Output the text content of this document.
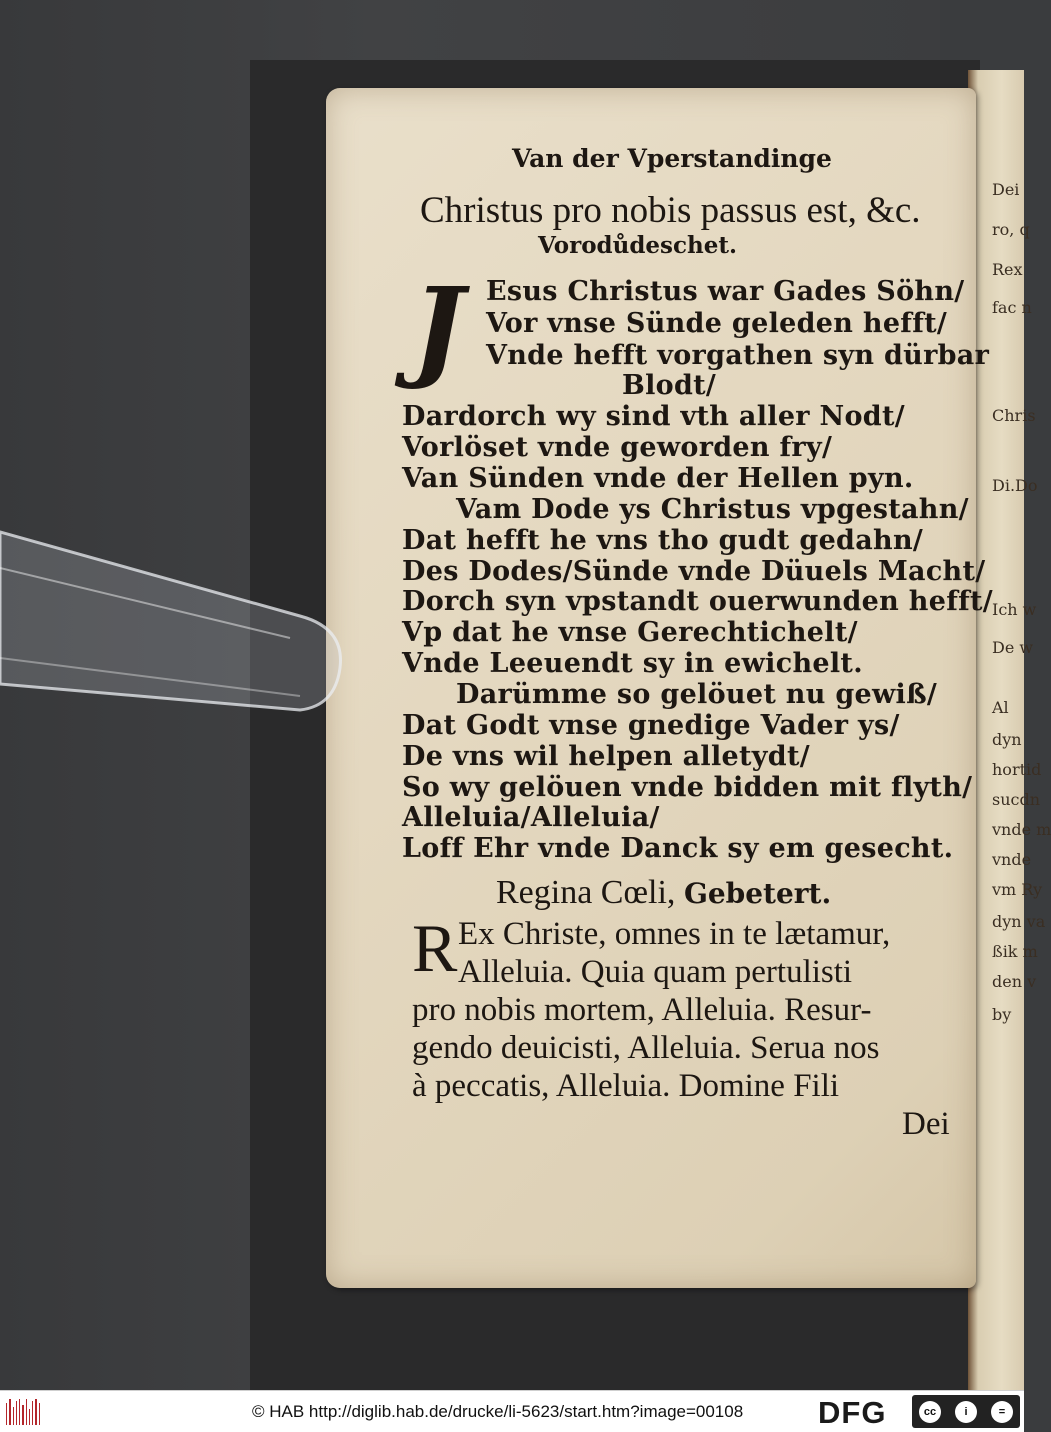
Dei
ro, q
Rex
fac n
Chris
Di.Do
Ich w
De w
Al
dyn
hortid
sucdn
vnde m
vnde
vm Ry
dyn va
ßik m
den v
by
Van der Vperstandinge
Christus pro nobis passus est, &c.
Vorodůdeschet.
J Esus Christus war Gades Söhn/
Vor vnse Sünde geleden hefft/
Vnde hefft vorgathen syn dürbar
Blodt/
Dardorch wy sind vth aller Nodt/
Vorlöset vnde geworden fry/
Van Sünden vnde der Hellen pyn.
Vam Dode ys Christus vpgestahn/
Dat hefft he vns tho gudt gedahn/
Des Dodes/Sünde vnde Düuels Macht/
Dorch syn vpstandt ouerwunden hefft/
Vp dat he vnse Gerechtichelt/
Vnde Leeuendt sy in ewichelt.
Darümme so gelöuet nu gewiß/
Dat Godt vnse gnedige Vader ys/
De vns wil helpen alletydt/
So wy gelöuen vnde bidden mit flyth/
Alleluia/Alleluia/
Loff Ehr vnde Danck sy em gesecht.
Regina Cœli, Gebetert.
R Ex Christe, omnes in te lætamur,
Alleluia. Quia quam pertulisti
pro nobis mortem, Alleluia. Resur-
gendo deuicisti, Alleluia. Serua nos
à peccatis, Alleluia. Domine Fili
Dei
© HAB http://diglib.hab.de/drucke/li-5623/start.htm?image=00108 DFG	cc	i	=
